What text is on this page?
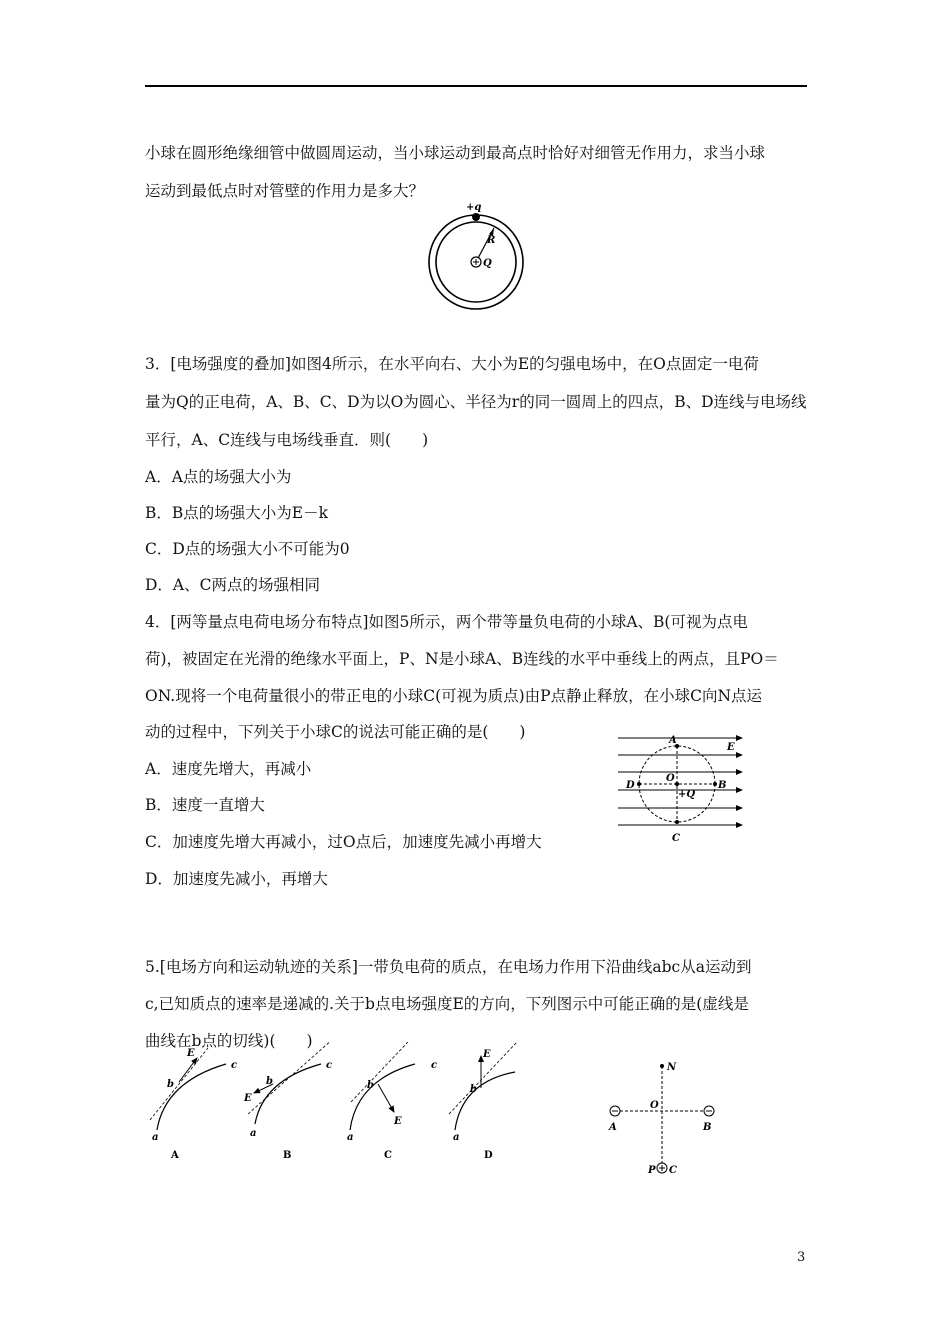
小球在圆形绝缘细管中做圆周运动，当小球运动到最高点时恰好对细管无作用力，求当小球
运动到最低点时对管壁的作用力是多大？
+q
R
Q
3．[电场强度的叠加]如图4所示，在水平向右、大小为E的匀强电场中，在O点固定一电荷
量为Q的正电荷，A、B、C、D为以O为圆心、半径为r的同一圆周上的四点，B、D连线与电场线
平行，A、C连线与电场线垂直．则(　　)
A．A点的场强大小为
B．B点的场强大小为E－k
C．D点的场强大小不可能为0
D．A、C两点的场强相同
4．[两等量点电荷电场分布特点]如图5所示，两个带等量负电荷的小球A、B(可视为点电
荷)，被固定在光滑的绝缘水平面上，P、N是小球A、B连线的水平中垂线上的两点，且PO＝
ON.现将一个电荷量很小的带正电的小球C(可视为质点)由P点静止释放，在小球C向N点运
动的过程中，下列关于小球C的说法可能正确的是(　　)
A．速度先增大，再减小
B．速度一直增大
C．加速度先增大再减小，过O点后，加速度先减小再增大
D．加速度先减小，再增大
A
E
O
D	B
+Q
C
5.[电场方向和运动轨迹的关系]一带负电荷的质点，在电场力作用下沿曲线abc从a运动到
c,已知质点的速率是递减的.关于b点电场强度E的方向，下列图示中可能正确的是(虚线是
曲线在b点的切线)(　　)
E
b
c
a
A
E
b
c
a
B
E
b
c
a
C
E
b
a
D
N
O
A	B
P C
3
